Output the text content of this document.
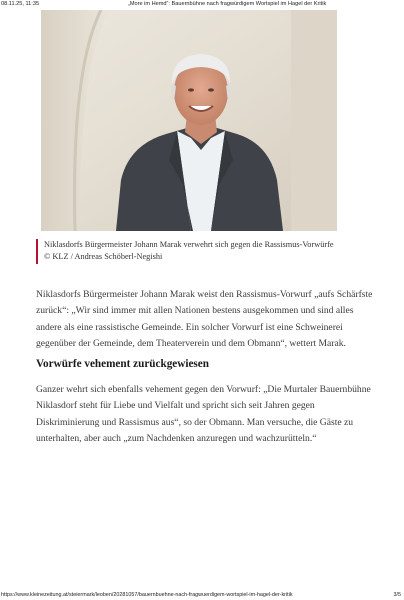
08.11.25, 11:35	„More im Hemd“: Bauernbühne nach fragwürdigem Wortspiel im Hagel der Kritik
Niklasdorfs Bürgermeister Johann Marak verwehrt sich gegen die Rassismus-Vorwürfe
© KLZ / Andreas Schöberl-Negishi
Niklasdorfs Bürgermeister Johann Marak weist den Rassismus-Vorwurf „aufs Schärfste zurück“: „Wir sind immer mit allen Nationen bestens ausgekommen und sind alles andere als eine rassistische Gemeinde. Ein solcher Vorwurf ist eine Schweinerei gegenüber der Gemeinde, dem Theaterverein und dem Obmann“, wettert Marak.
Vorwürfe vehement zurückgewiesen
Ganzer wehrt sich ebenfalls vehement gegen den Vorwurf: „Die Murtaler Bauernbühne Niklasdorf steht für Liebe und Vielfalt und spricht sich seit Jahren gegen Diskriminierung und Rassismus aus“, so der Obmann. Man versuche, die Gäste zu unterhalten, aber auch „zum Nachdenken anzuregen und wachzurütteln.“
https://www.kleinezeitung.at/steiermark/leoben/20281057/bauernbuehne-nach-fragwuerdigem-wortspiel-im-hagel-der-kritik	3/5
